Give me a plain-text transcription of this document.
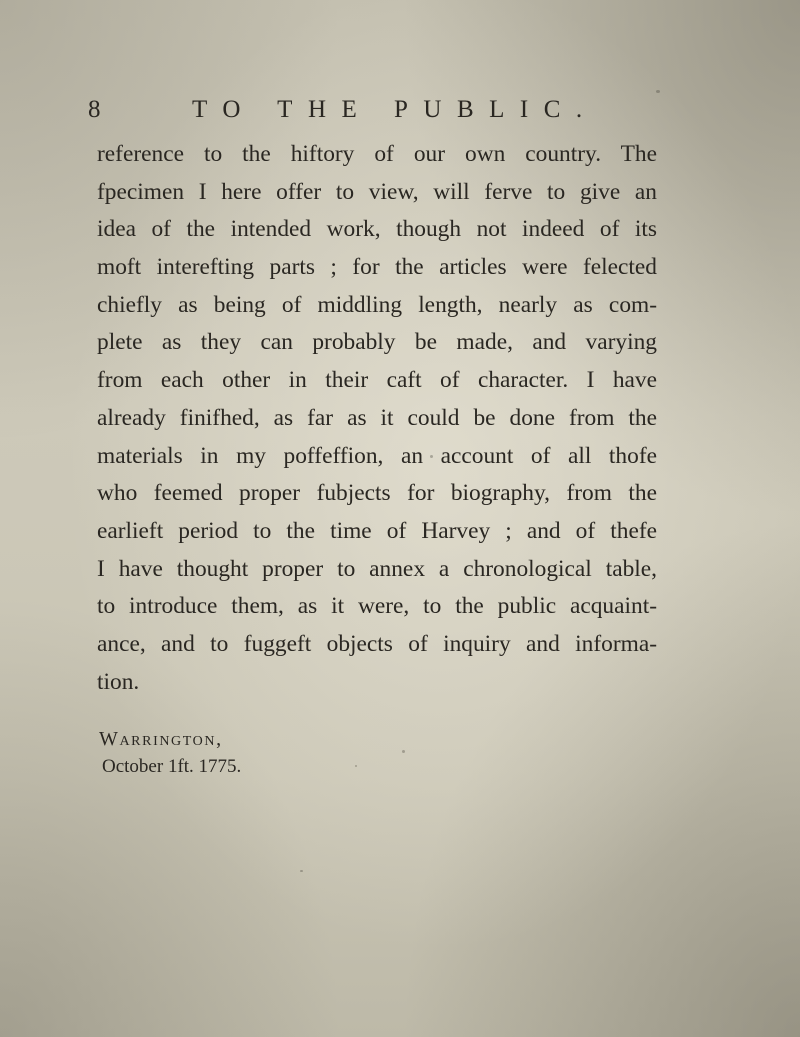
8	TO THE PUBLIC.
reference to the hiftory of our own country. The
fpecimen I here offer to view, will ferve to give an
idea of the intended work, though not indeed of its
moft interefting parts ; for the articles were felected
chiefly as being of middling length, nearly as com-
plete as they can probably be made, and varying
from each other in their caft of character. I have
already finifhed, as far as it could be done from the
materials in my poffeffion, an account of all thofe
who feemed proper fubjects for biography, from the
earlieft period to the time of Harvey ; and of thefe
I have thought proper to annex a chronological table,
to introduce them, as it were, to the public acquaint-
ance, and to fuggeft objects of inquiry and informa-
tion.
Warrington,
October 1ft. 1775.
